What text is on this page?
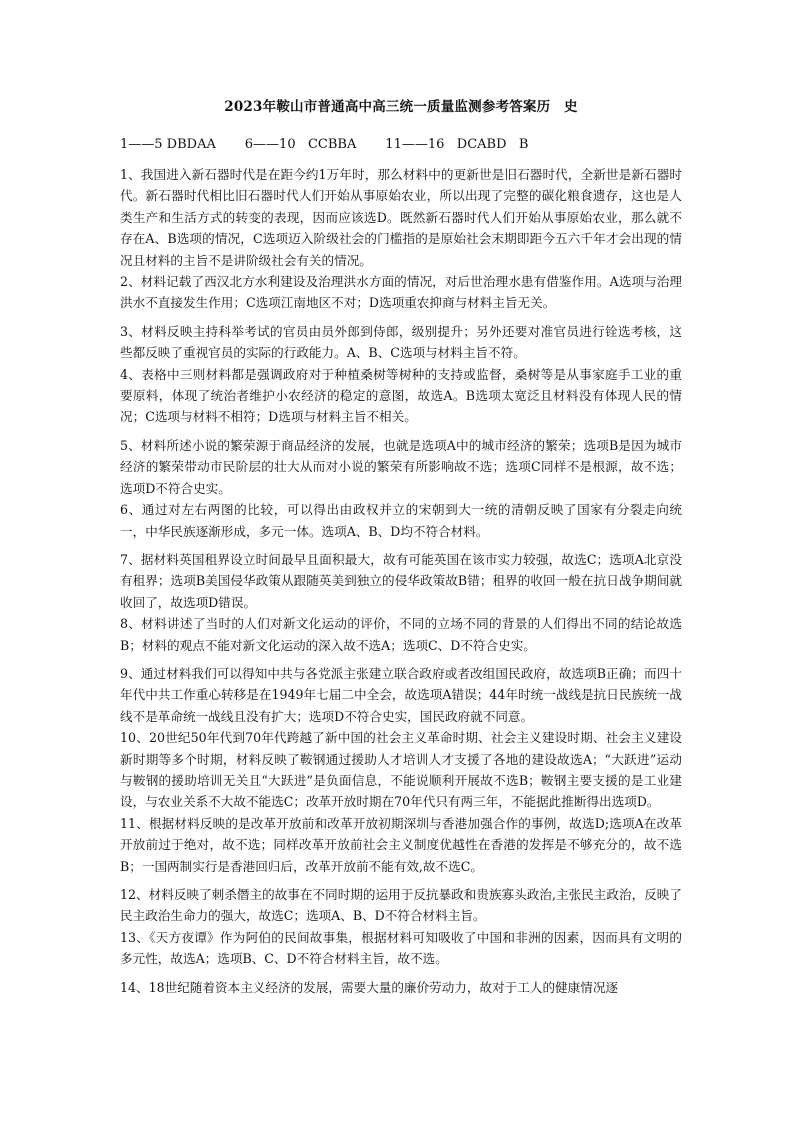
2023年鞍山市普通高中高三统一质量监测参考答案历　史
1——5 DBDAA       6——10   CCBBA       11——16   DCABD   B

1、我国进入新石器时代是在距今约1万年时，那么材料中的更新世是旧石器时代，全新世是新石器时代。新石器时代相比旧石器时代人们开始从事原始农业，所以出现了完整的碳化粮食遗存，这也是人类生产和生活方式的转变的表现，因而应该选D。既然新石器时代人们开始从事原始农业，那么就不存在A、B选项的情况，C选项迈入阶级社会的门槛指的是原始社会末期即距今五六千年才会出现的情况且材料的主旨不是讲阶级社会有关的情况。

2、材料记载了西汉北方水利建设及治理洪水方面的情况，对后世治理水患有借鉴作用。A选项与治理洪水不直接发生作用；C选项江南地区不对；D选项重农抑商与材料主旨无关。

3、材料反映主持科举考试的官员由员外郎到侍郎，级别提升；另外还要对准官员进行铨选考核，这些都反映了重视官员的实际的行政能力。A、B、C选项与材料主旨不符。

4、表格中三则材料都是强调政府对于种植桑树等树种的支持或监督，桑树等是从事家庭手工业的重要原料，体现了统治者维护小农经济的稳定的意图，故选A。B选项太宽泛且材料没有体现人民的情况；C选项与材料不相符；D选项与材料主旨不相关。

5、材料所述小说的繁荣源于商品经济的发展，也就是选项A中的城市经济的繁荣；选项B是因为城市经济的繁荣带动市民阶层的壮大从而对小说的繁荣有所影响故不选；选项C同样不是根源，故不选；选项D不符合史实。

6、通过对左右两图的比较，可以得出由政权并立的宋朝到大一统的清朝反映了国家有分裂走向统一，中华民族逐渐形成，多元一体。选项A、B、D均不符合材料。

7、据材料英国租界设立时间最早且面积最大，故有可能英国在该市实力较强，故选C；选项A北京没有租界；选项B美国侵华政策从跟随英美到独立的侵华政策故B错；租界的收回一般在抗日战争期间就收回了，故选项D错误。

8、材料讲述了当时的人们对新文化运动的评价，不同的立场不同的背景的人们得出不同的结论故选B；材料的观点不能对新文化运动的深入故不选A；选项C、D不符合史实。

9、通过材料我们可以得知中共与各党派主张建立联合政府或者改组国民政府，故选项B正确；而四十年代中共工作重心转移是在1949年七届二中全会，故选项A错误；44年时统一战线是抗日民族统一战线不是革命统一战线且没有扩大；选项D不符合史实，国民政府就不同意。

10、20世纪50年代到70年代跨越了新中国的社会主义革命时期、社会主义建设时期、社会主义建设新时期等多个时期，材料反映了鞍钢通过援助人才培训人才支援了各地的建设故选A；“大跃进”运动与鞍钢的援助培训无关且“大跃进”是负面信息，不能说顺利开展故不选B；鞍钢主要支援的是工业建设，与农业关系不大故不能选C；改革开放时期在70年代只有两三年，不能据此推断得出选项D。

11、根据材料反映的是改革开放前和改革开放初期深圳与香港加强合作的事例，故选D;选项A在改革开放前过于绝对，故不选；同样改革开放前社会主义制度优越性在香港的发挥是不够充分的，故不选B；一国两制实行是香港回归后，改革开放前不能有效,故不选C。

12、材料反映了刺杀僭主的故事在不同时期的运用于反抗暴政和贵族寡头政治,主张民主政治，反映了民主政治生命力的强大，故选C；选项A、B、D不符合材料主旨。

13、《天方夜谭》作为阿伯的民间故事集，根据材料可知吸收了中国和非洲的因素，因而具有文明的多元性，故选A；选项B、C、D不符合材料主旨，故不选。

14、18世纪随着资本主义经济的发展，需要大量的廉价劳动力，故对于工人的健康情况逐
